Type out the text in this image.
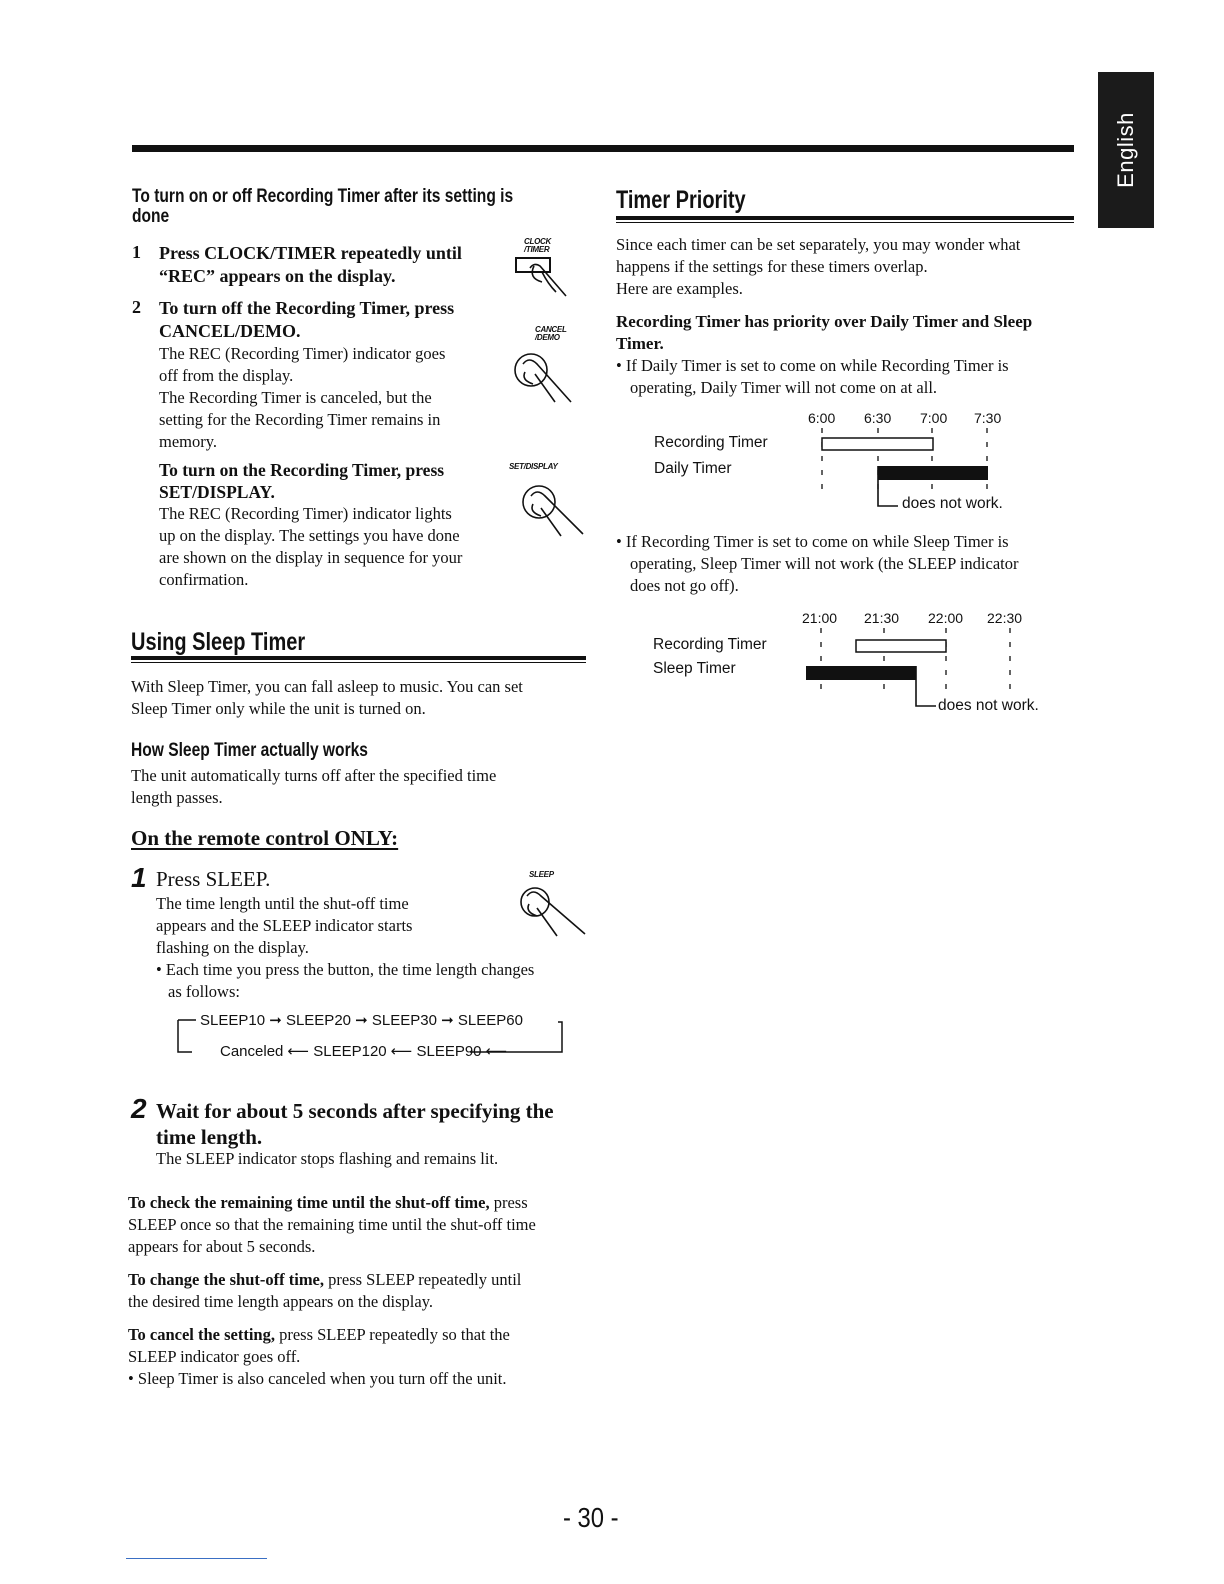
English
To turn on or off Recording Timer after its setting is
done
1 Press CLOCK/TIMER repeatedly until
“REC” appears on the display.
2 To turn off the Recording Timer, press
CANCEL/DEMO.
The REC (Recording Timer) indicator goes
off from the display.
The Recording Timer is canceled, but the
setting for the Recording Timer remains in
memory.
To turn on the Recording Timer, press
SET/DISPLAY.
The REC (Recording Timer) indicator lights
up on the display. The settings you have done
are shown on the display in sequence for your
confirmation.
CLOCK
/TIMER
CANCEL
/DEMO
SET/DISPLAY
Using Sleep Timer
With Sleep Timer, you can fall asleep to music. You can set
Sleep Timer only while the unit is turned on.
How Sleep Timer actually works
The unit automatically turns off after the specified time
length passes.
On the remote control ONLY:
1 Press SLEEP.
The time length until the shut-off time
appears and the SLEEP indicator starts
flashing on the display.
• Each time you press the button, the time length changes
as follows:
SLEEP
SLEEP10 ➞ SLEEP20 ➞ SLEEP30 ➞ SLEEP60
Canceled ⟵ SLEEP120 ⟵ SLEEP90 ⟵
2 Wait for about 5 seconds after specifying the
time length.
The SLEEP indicator stops flashing and remains lit.
To check the remaining time until the shut-off time, press
SLEEP once so that the remaining time until the shut-off time
appears for about 5 seconds.
To change the shut-off time, press SLEEP repeatedly until
the desired time length appears on the display.
To cancel the setting, press SLEEP repeatedly so that the
SLEEP indicator goes off.
• Sleep Timer is also canceled when you turn off the unit.
Timer Priority
Since each timer can be set separately, you may wonder what
happens if the settings for these timers overlap.
Here are examples.
Recording Timer has priority over Daily Timer and Sleep
Timer.
• If Daily Timer is set to come on while Recording Timer is
operating, Daily Timer will not come on at all.
6:00 6:30 7:00 7:30
Recording Timer
Daily Timer
does not work.
• If Recording Timer is set to come on while Sleep Timer is
operating, Sleep Timer will not work (the SLEEP indicator
does not go off).
21:00 21:30 22:00 22:30
Recording Timer
Sleep Timer
does not work.
- 30 -
